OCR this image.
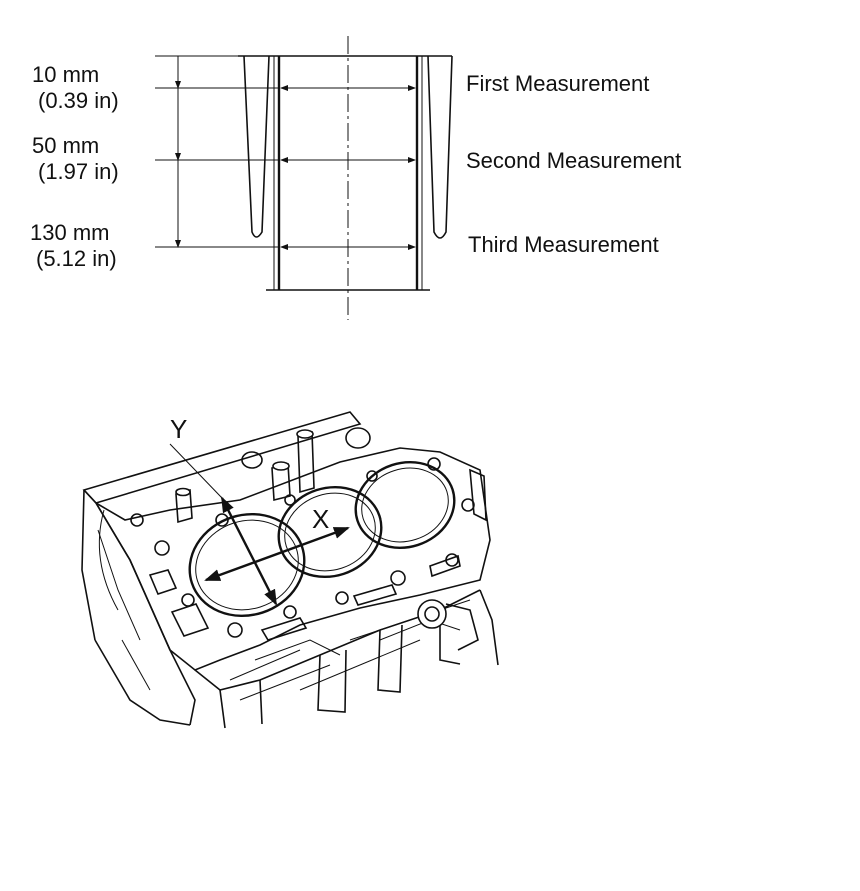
10 mm
(0.39 in)
50 mm
(1.97 in)
130 mm
(5.12 in)
First Measurement
Second Measurement
Third Measurement
Y
X
